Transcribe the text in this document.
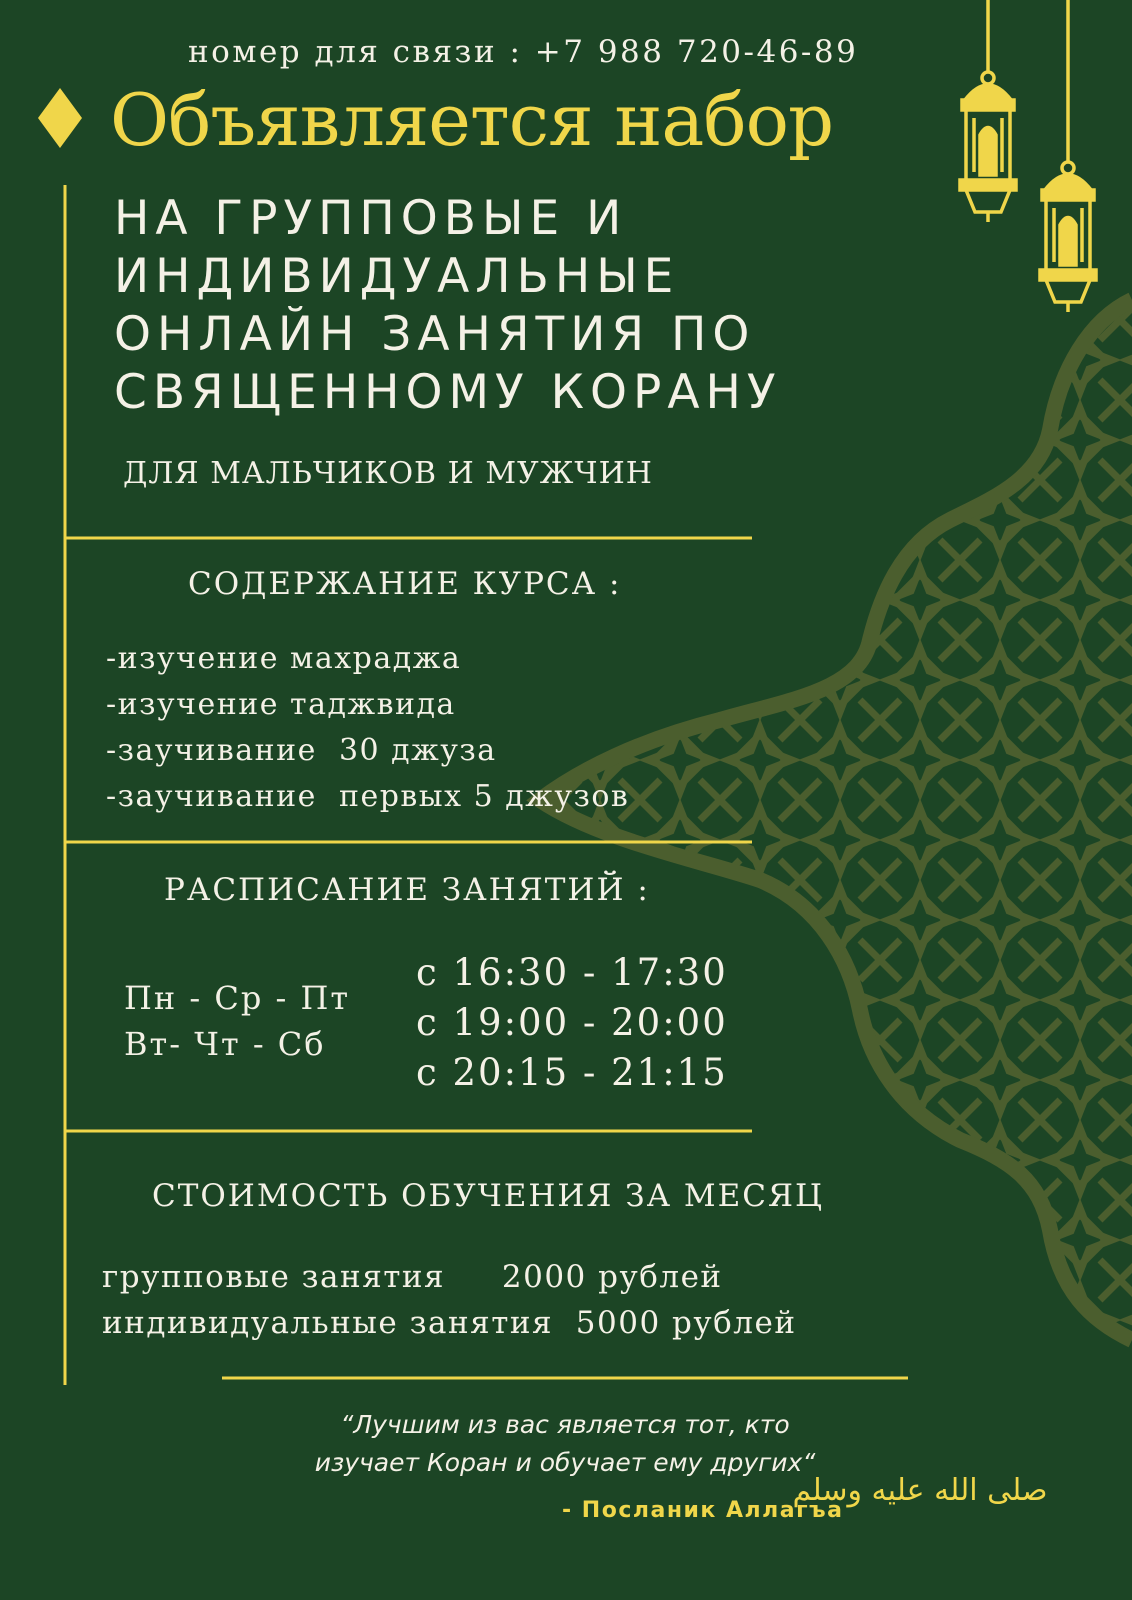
صلى الله عليه وسلم
номер для связи : +7 988 720-46-89
Объявляется набор
НА ГРУППОВЫЕ И
ИНДИВИДУАЛЬНЫЕ
ОНЛАЙН ЗАНЯТИЯ ПО
СВЯЩЕННОМУ КОРАНУ
ДЛЯ МАЛЬЧИКОВ И МУЖЧИН
СОДЕРЖАНИЕ КУРСА :
-изучение махраджа
-изучение таджвида
-заучивание  30 джуза
-заучивание  первых 5 джузов
РАСПИСАНИЕ ЗАНЯТИЙ :
Пн - Ср - Пт
Вт- Чт - Сб
с 16:30 - 17:30
с 19:00 - 20:00
с 20:15 - 21:15
СТОИМОСТЬ ОБУЧЕНИЯ ЗА МЕСЯЦ
групповые занятия     2000 рублей
индивидуальные занятия  5000 рублей
“Лучшим из вас является тот, кто
изучает Коран и обучает ему других“
- Посланик Аллагъа
